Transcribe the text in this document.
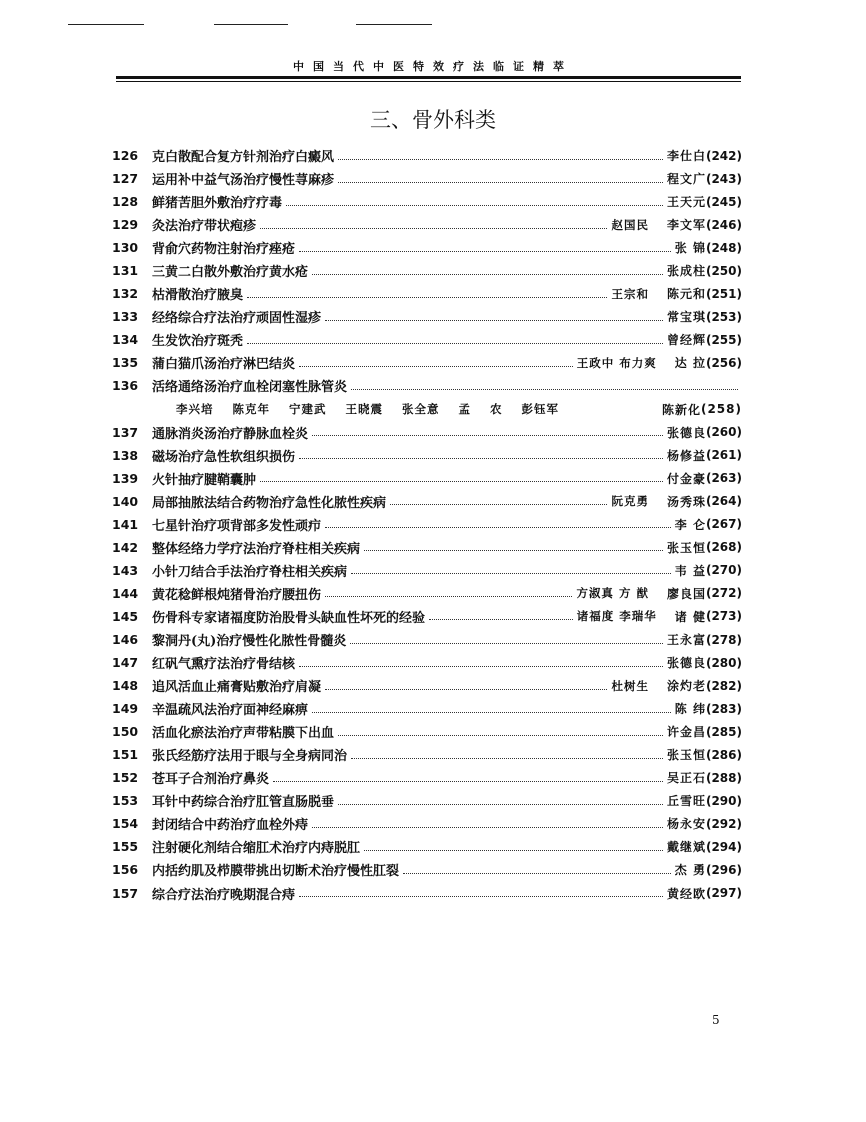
中国当代中医特效疗法临证精萃
三、骨外科类
126	克白散配合复方针剂治疗白癜风	李仕白 (242)
127	运用补中益气汤治疗慢性荨麻疹	程文广 (243)
128	鲜猪苦胆外敷治疗疗毒	王天元 (245)
129	灸法治疗带状疱疹	赵国民 李文军 (246)
130	背俞穴药物注射治疗痤疮	张 锦 (248)
131	三黄二白散外敷治疗黄水疮	张成柱 (250)
132	枯滑散治疗腋臭	王宗和 陈元和 (251)
133	经络综合疗法治疗顽固性湿疹	常宝琪 (253)
134	生发饮治疗斑秃	曾经辉 (255)
135	蒲白猫爪汤治疗淋巴结炎	王政中 布力爽 达 拉 (256)
136	活络通络汤治疗血栓闭塞性脉管炎
李兴培 陈克年 宁建武 王晓震 张全意 孟 农 彭钰军	陈新化 (258)
137	通脉消炎汤治疗静脉血栓炎	张德良 (260)
138	磁场治疗急性软组织损伤	杨修益 (261)
139	火针抽疗腱鞘囊肿	付金豪 (263)
140	局部抽脓法结合药物治疗急性化脓性疾病	阮克勇 汤秀珠 (264)
141	七星针治疗项背部多发性顽疖	李 仑 (267)
142	整体经络力学疗法治疗脊柱相关疾病	张玉恒 (268)
143	小针刀结合手法治疗脊柱相关疾病	韦 益 (270)
144	黄花稔鲜根炖猪骨治疗腰扭伤	方淑真 方 猷 廖良国 (272)
145	伤骨科专家诸福度防治股骨头缺血性坏死的经验	诸福度 李瑞华 诸 健 (273)
146	黎洞丹(丸)治疗慢性化脓性骨髓炎	王永富 (278)
147	红矾气熏疗法治疗骨结核	张德良 (280)
148	追风活血止痛膏贴敷治疗肩凝	杜树生 涂灼老 (282)
149	辛温疏风法治疗面神经麻痹	陈 纬 (283)
150	活血化瘀法治疗声带粘膜下出血	许金昌 (285)
151	张氏经筋疗法用于眼与全身病同治	张玉恒 (286)
152	苍耳子合剂治疗鼻炎	吴正石 (288)
153	耳针中药综合治疗肛管直肠脱垂	丘雪旺 (290)
154	封闭结合中药治疗血栓外痔	杨永安 (292)
155	注射硬化剂结合缩肛术治疗内痔脱肛	戴继斌 (294)
156	内括约肌及栉膜带挑出切断术治疗慢性肛裂	杰 勇 (296)
157	综合疗法治疗晚期混合痔	黄经欧 (297)
5
